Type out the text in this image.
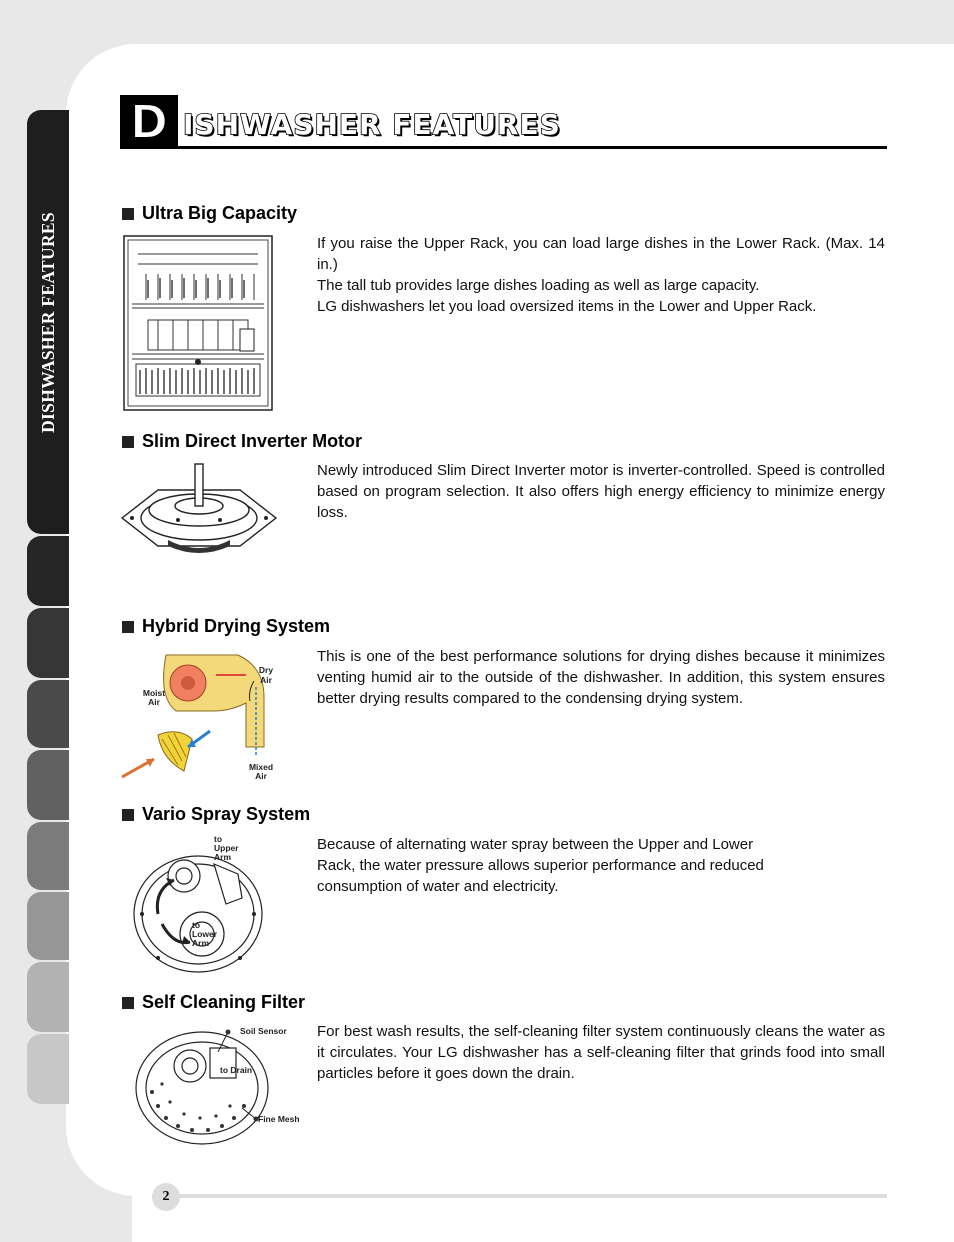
DISHWASHER FEATURES
D ISHWASHER FEATURES
Ultra Big Capacity

If you raise the Upper Rack, you can load large dishes in the Lower Rack. (Max. 14 in.)

The tall tub provides large dishes loading as well as large capacity.

LG dishwashers let you load oversized items in the Lower and Upper Rack.

Slim Direct Inverter Motor

Newly introduced Slim Direct Inverter motor is inverter-controlled. Speed is controlled based on program selection. It also offers high energy efficiency to minimize energy loss.

Hybrid Drying System

This is one of the best performance solutions for drying dishes because it minimizes venting humid air to the outside of the dishwasher. In addition, this system ensures better drying results compared to the condensing drying system.

Dry
Air
Moist
Air
Mixed
Air
Vario Spray System

Because of alternating water spray between the Upper and Lower

Rack, the water pressure allows superior performance and reduced

consumption of water and electricity.

to
Upper
Arm
to
Lower
Arm
Self Cleaning Filter

For best wash results, the self-cleaning filter system continuously cleans the water as it circulates. Your LG dishwasher has a self-cleaning filter that grinds food into small particles before it goes down the drain.

Soil Sensor
to Drain
Fine Mesh
2
